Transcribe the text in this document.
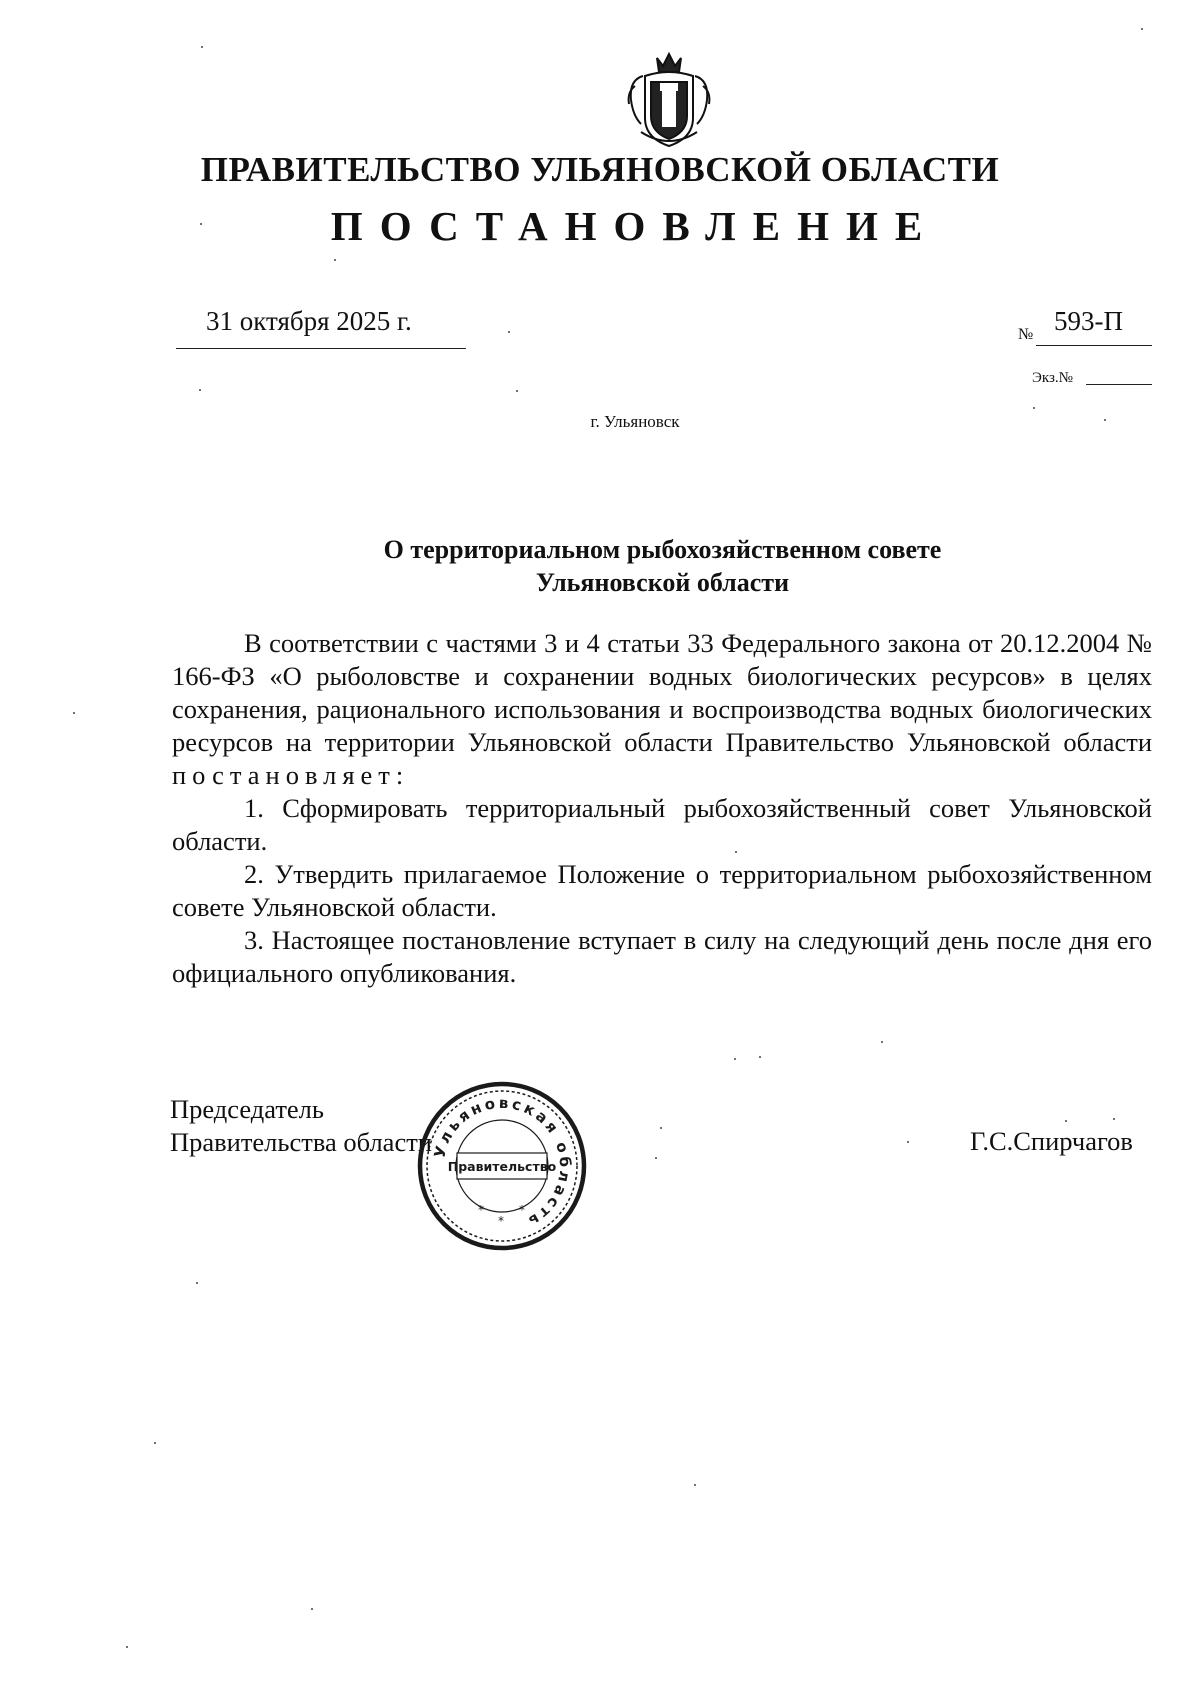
ПРАВИТЕЛЬСТВО УЛЬЯНОВСКОЙ ОБЛАСТИ
ПОСТАНОВЛЕНИЕ
31 октября 2025 г.	№ 593-П
Экз.№
г. Ульяновск
О территориальном рыбохозяйственном совете
Ульяновской области

В соответствии с частями 3 и 4 статьи 33 Федерального закона от 20.12.2004 № 166-ФЗ «О рыболовстве и сохранении водных биологических ресурсов» в целях сохранения, рационального использования и воспроизводства водных биологических ресурсов на территории Ульяновской области Правительство Ульяновской области постановляет:

1. Сформировать территориальный рыбохозяйственный совет Ульяновской области.

2. Утвердить прилагаемое Положение о территориальном рыбохозяйственном совете Ульяновской области.

3. Настоящее постановление вступает в силу на следующий день после дня его официального опубликования.

Председатель
Правительства области	Г.С.Спирчагов
Ульяновская область
Правительство
*
*
*
